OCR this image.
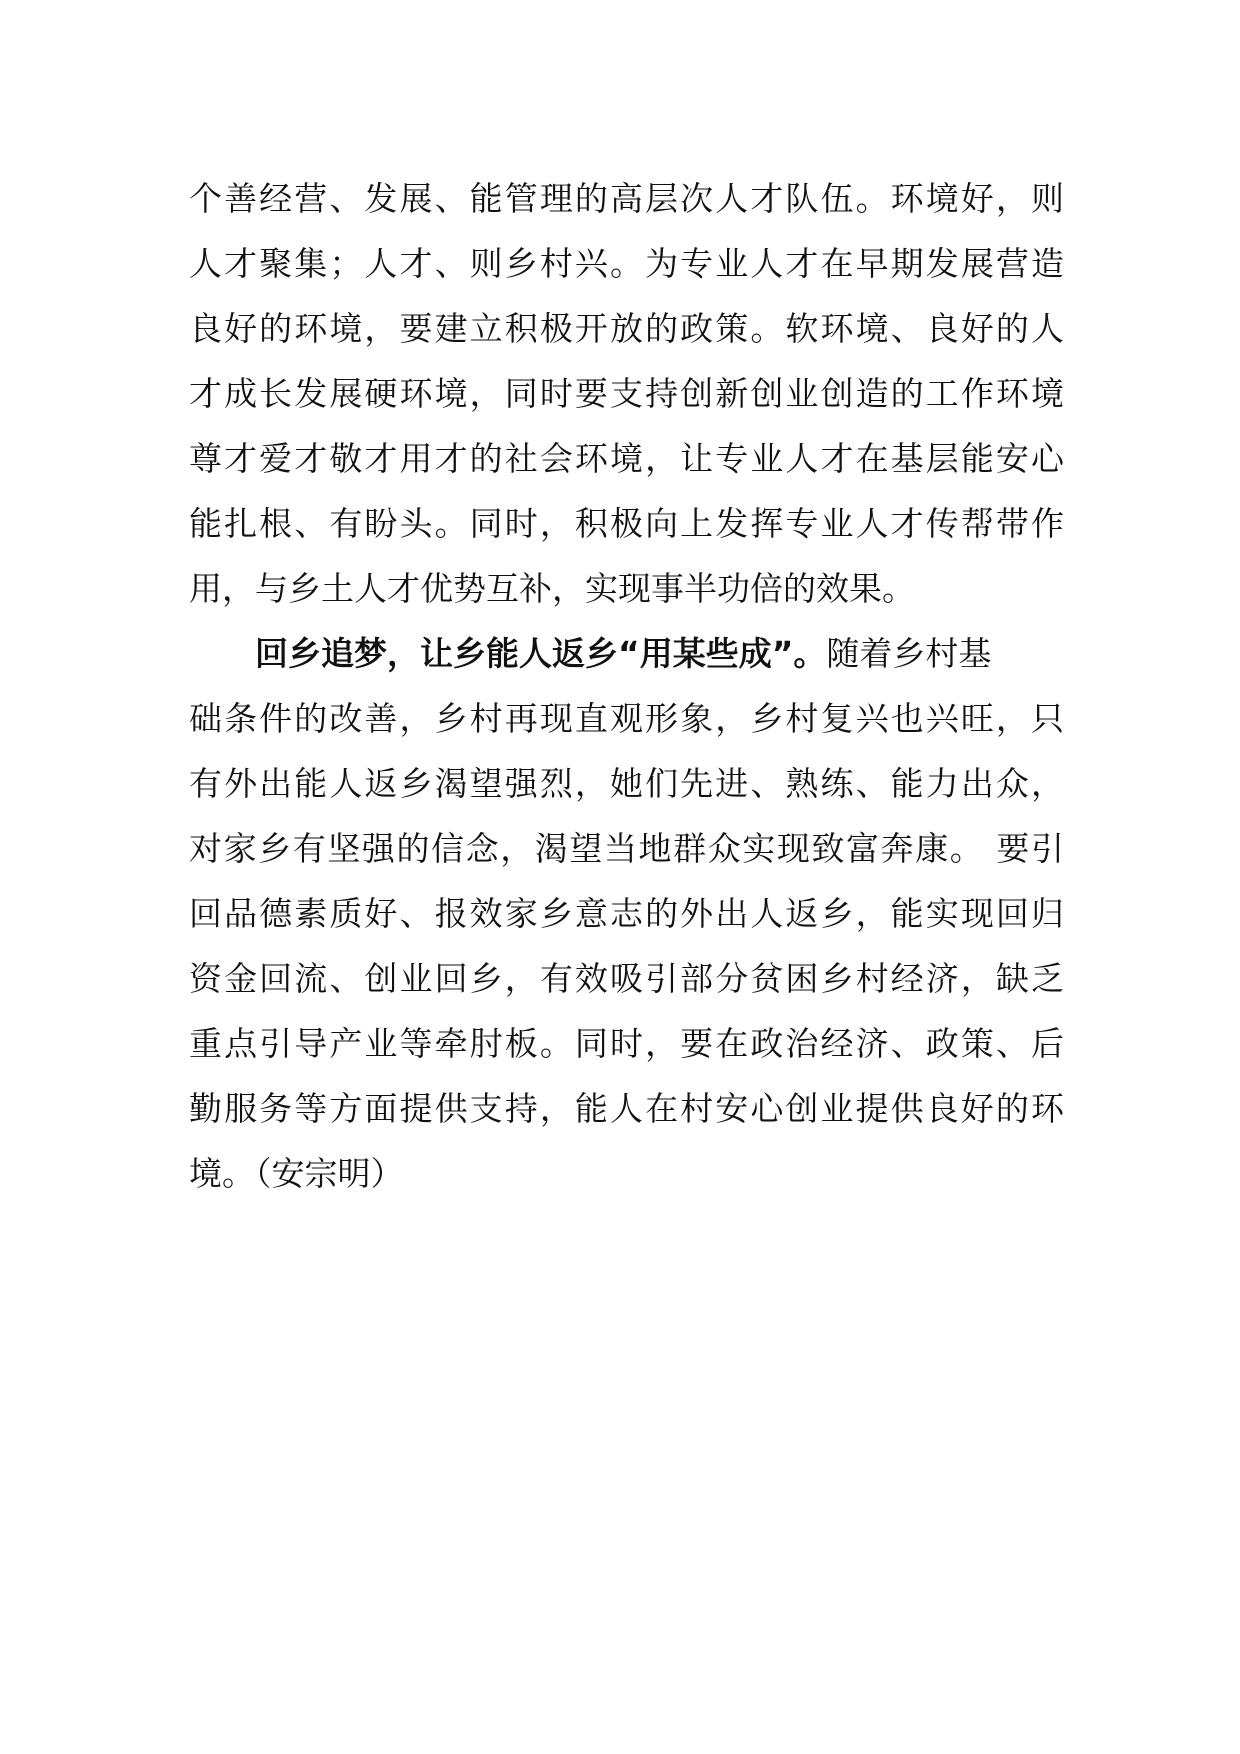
个善经营、发展、能管理的高层次人才队伍。环境好，则
人才聚集；人才、则乡村兴。为专业人才在早期发展营造
良好的环境，要建立积极开放的政策。软环境、良好的人
才成长发展硬环境，同时要支持创新创业创造的工作环境
尊才爱才敬才用才的社会环境，让专业人才在基层能安心
能扎根、有盼头。同时，积极向上发挥专业人才传帮带作
用，与乡土人才优势互补，实现事半功倍的效果。
回乡追梦，让乡能人返乡“用某些成”。随着乡村基
础条件的改善，乡村再现直观形象，乡村复兴也兴旺，只
有外出能人返乡渴望强烈，她们先进、熟练、能力出众，
对家乡有坚强的信念，渴望当地群众实现致富奔康。 要引
回品德素质好、报效家乡意志的外出人返乡，能实现回归
资金回流、创业回乡，有效吸引部分贫困乡村经济，缺乏
重点引导产业等牵肘板。同时，要在政治经济、政策、后
勤服务等方面提供支持，能人在村安心创业提供良好的环
境。（安宗明）
